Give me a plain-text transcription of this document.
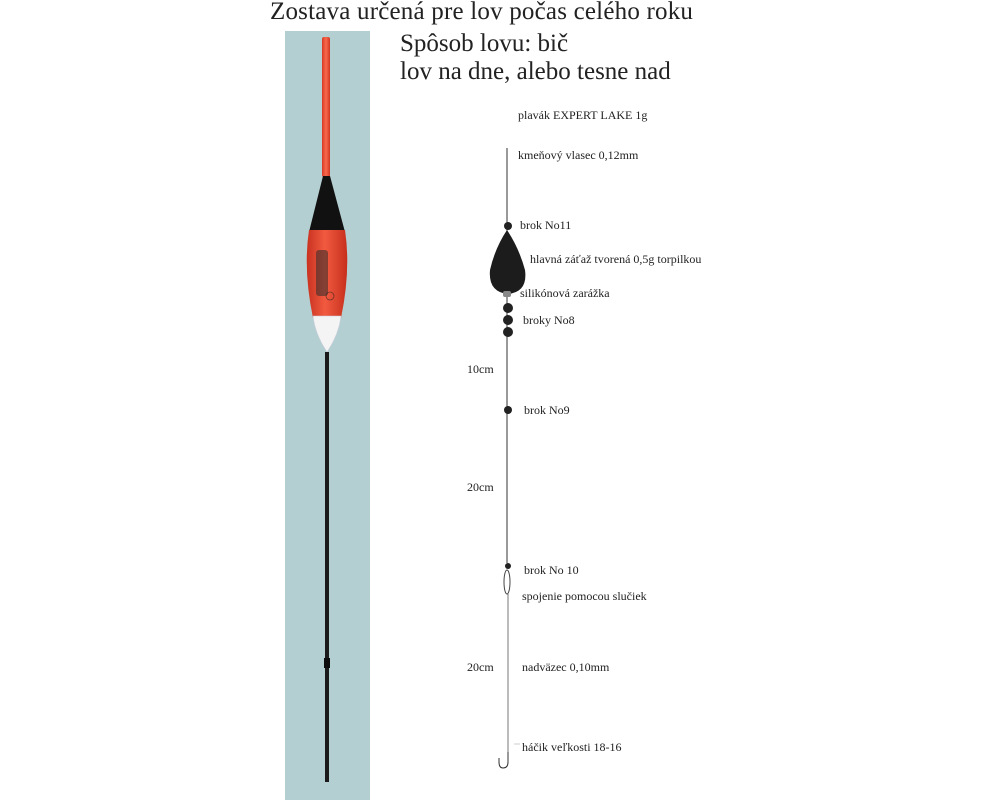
Zostava určená pre lov počas celého roku
Spôsob lovu: bič
lov na dne, alebo tesne nad
plavák EXPERT LAKE 1g
kmeňový vlasec 0,12mm
brok No11
hlavná záťaž tvorená 0,5g torpilkou
silikónová zarážka
broky No8
brok No9
brok No 10
spojenie pomocou slučiek
nadväzec 0,10mm
háčik veľkosti 18-16
10cm
20cm
20cm
